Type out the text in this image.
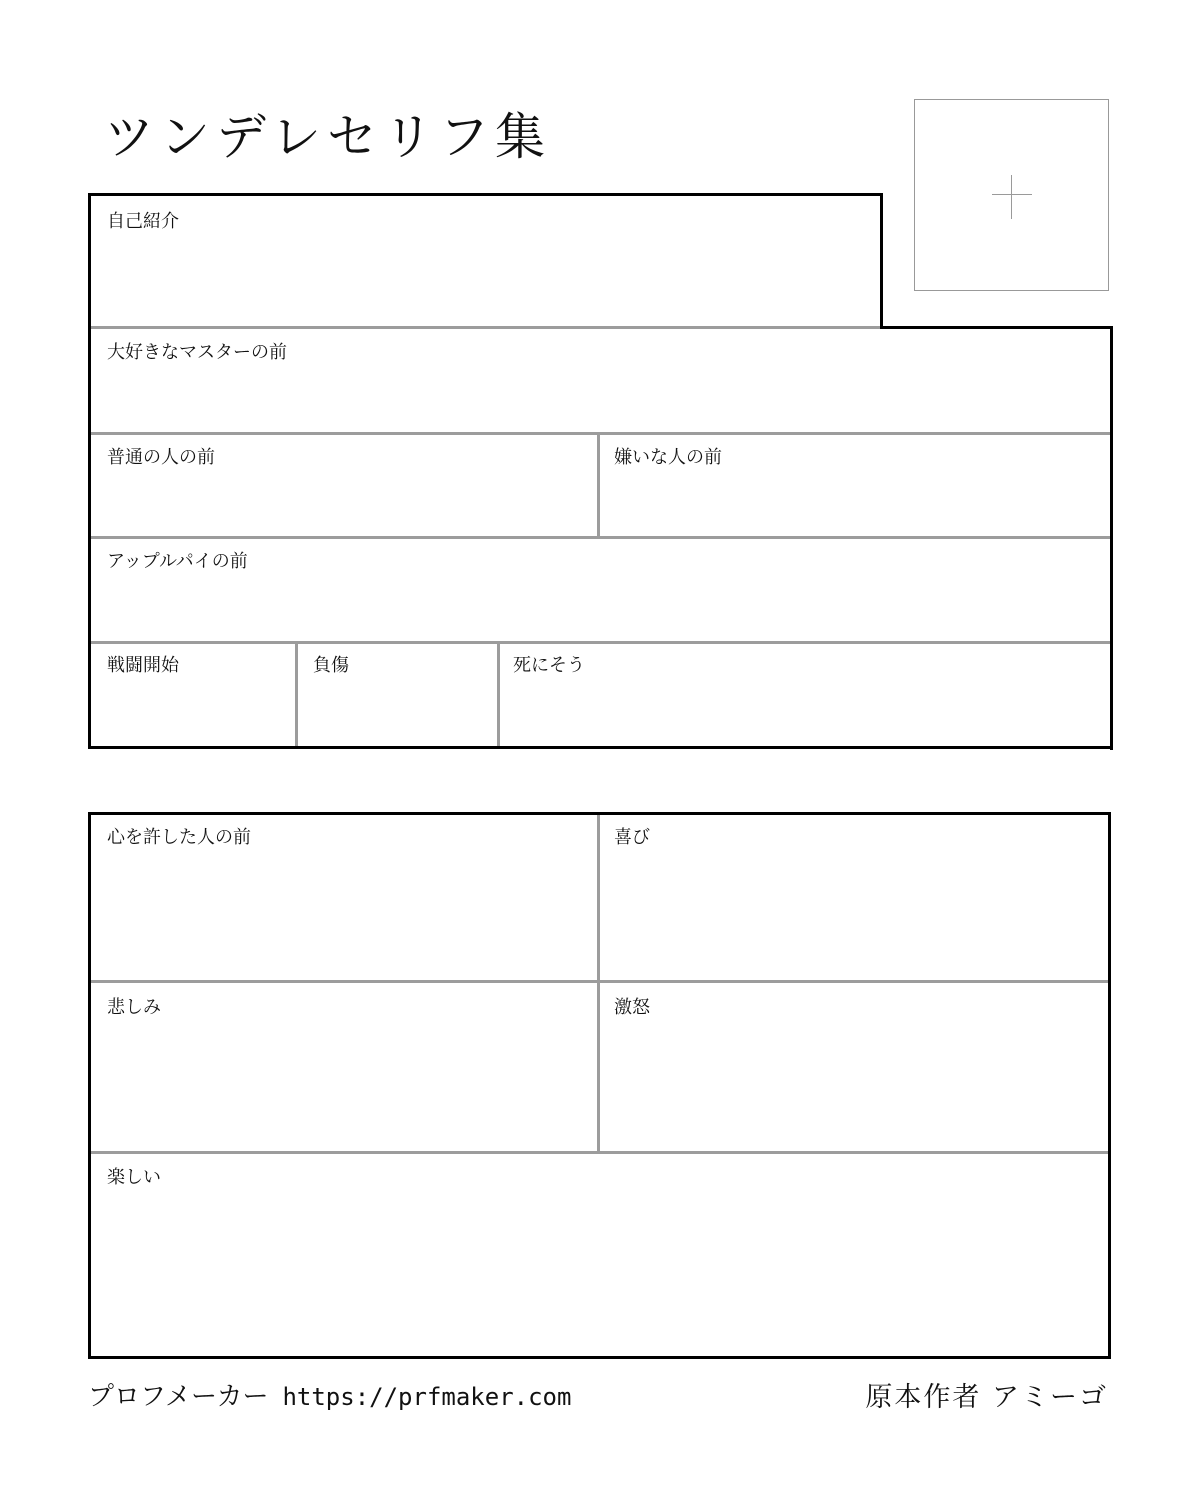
ツンデレセリフ集
自己紹介
大好きなマスターの前
普通の人の前	嫌いな人の前
アップルパイの前
戦闘開始	負傷	死にそう
心を許した人の前	喜び
悲しみ	激怒
楽しい
プロフメーカー https://prfmaker.com	原本作者 アミーゴ
